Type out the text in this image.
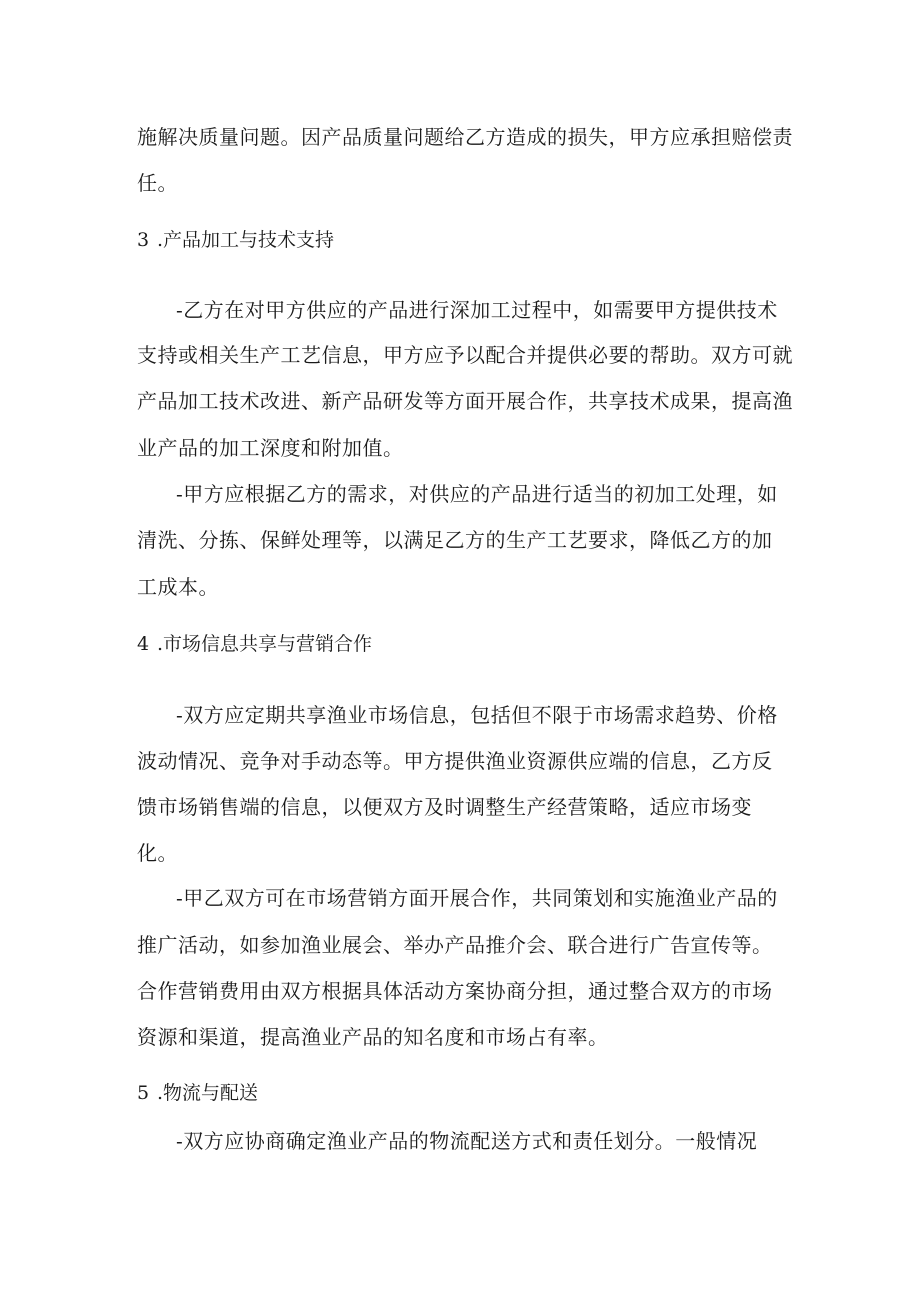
施解决质量问题。因产品质量问题给乙方造成的损失，甲方应承担赔偿责
任。
3 .产品加工与技术支持
-乙方在对甲方供应的产品进行深加工过程中，如需要甲方提供技术
支持或相关生产工艺信息，甲方应予以配合并提供必要的帮助。双方可就
产品加工技术改进、新产品研发等方面开展合作，共享技术成果，提高渔
业产品的加工深度和附加值。
-甲方应根据乙方的需求，对供应的产品进行适当的初加工处理，如
清洗、分拣、保鲜处理等，以满足乙方的生产工艺要求，降低乙方的加
工成本。
4 .市场信息共享与营销合作
-双方应定期共享渔业市场信息，包括但不限于市场需求趋势、价格
波动情况、竞争对手动态等。甲方提供渔业资源供应端的信息，乙方反
馈市场销售端的信息，以便双方及时调整生产经营策略，适应市场变
化。
-甲乙双方可在市场营销方面开展合作，共同策划和实施渔业产品的
推广活动，如参加渔业展会、举办产品推介会、联合进行广告宣传等。
合作营销费用由双方根据具体活动方案协商分担，通过整合双方的市场
资源和渠道，提高渔业产品的知名度和市场占有率。
5 .物流与配送
-双方应协商确定渔业产品的物流配送方式和责任划分。一般情况
